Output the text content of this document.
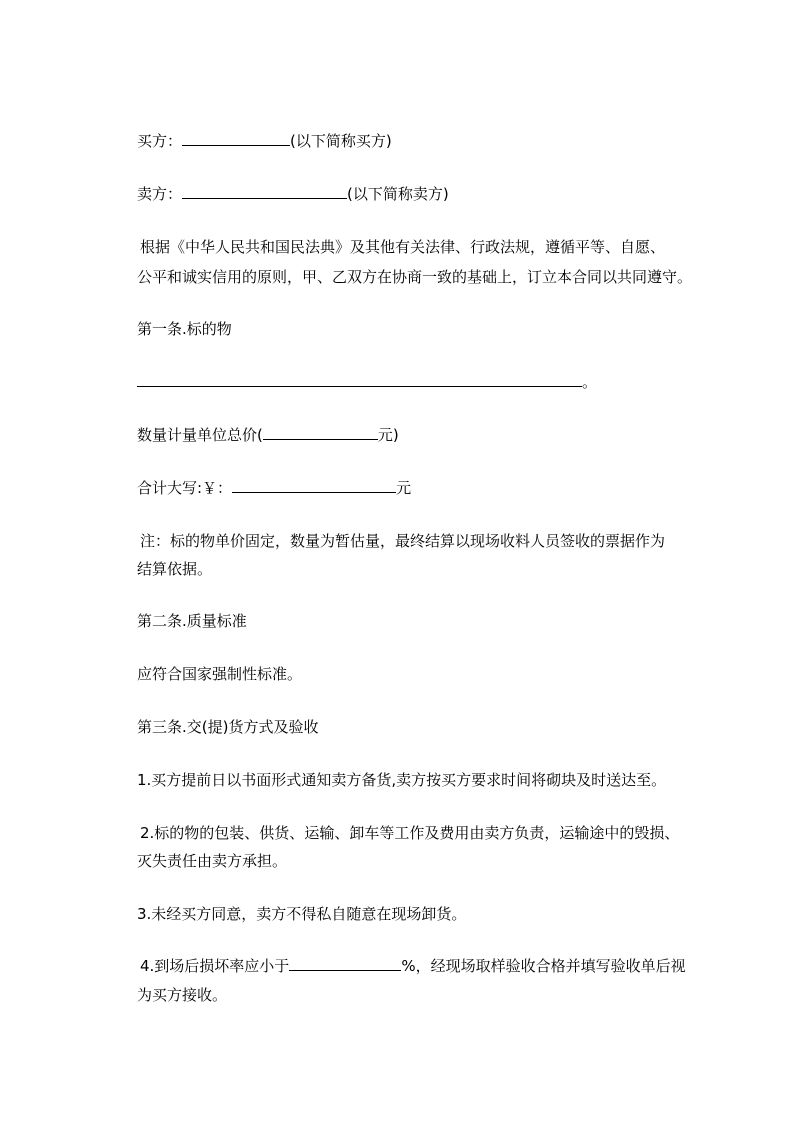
买方：	(以下简称买方)
卖方：	(以下简称卖方)
根据《中华人民共和国民法典》及其他有关法律、行政法规，遵循平等、自愿、
公平和诚实信用的原则，甲、乙双方在协商一致的基础上，订立本合同以共同遵守。
第一条.标的物
。
数量计量单位总价(	元)
合计大写:￥：	元
注：标的物单价固定，数量为暂估量，最终结算以现场收料人员签收的票据作为
结算依据。
第二条.质量标准
应符合国家强制性标准。
第三条.交(提)货方式及验收
1.买方提前日以书面形式通知卖方备货,卖方按买方要求时间将砌块及时送达至。
2.标的物的包装、供货、运输、卸车等工作及费用由卖方负责，运输途中的毁损、
灭失责任由卖方承担。
3.未经买方同意，卖方不得私自随意在现场卸货。
4.到场后损坏率应小于	%，经现场取样验收合格并填写验收单后视
为买方接收。
